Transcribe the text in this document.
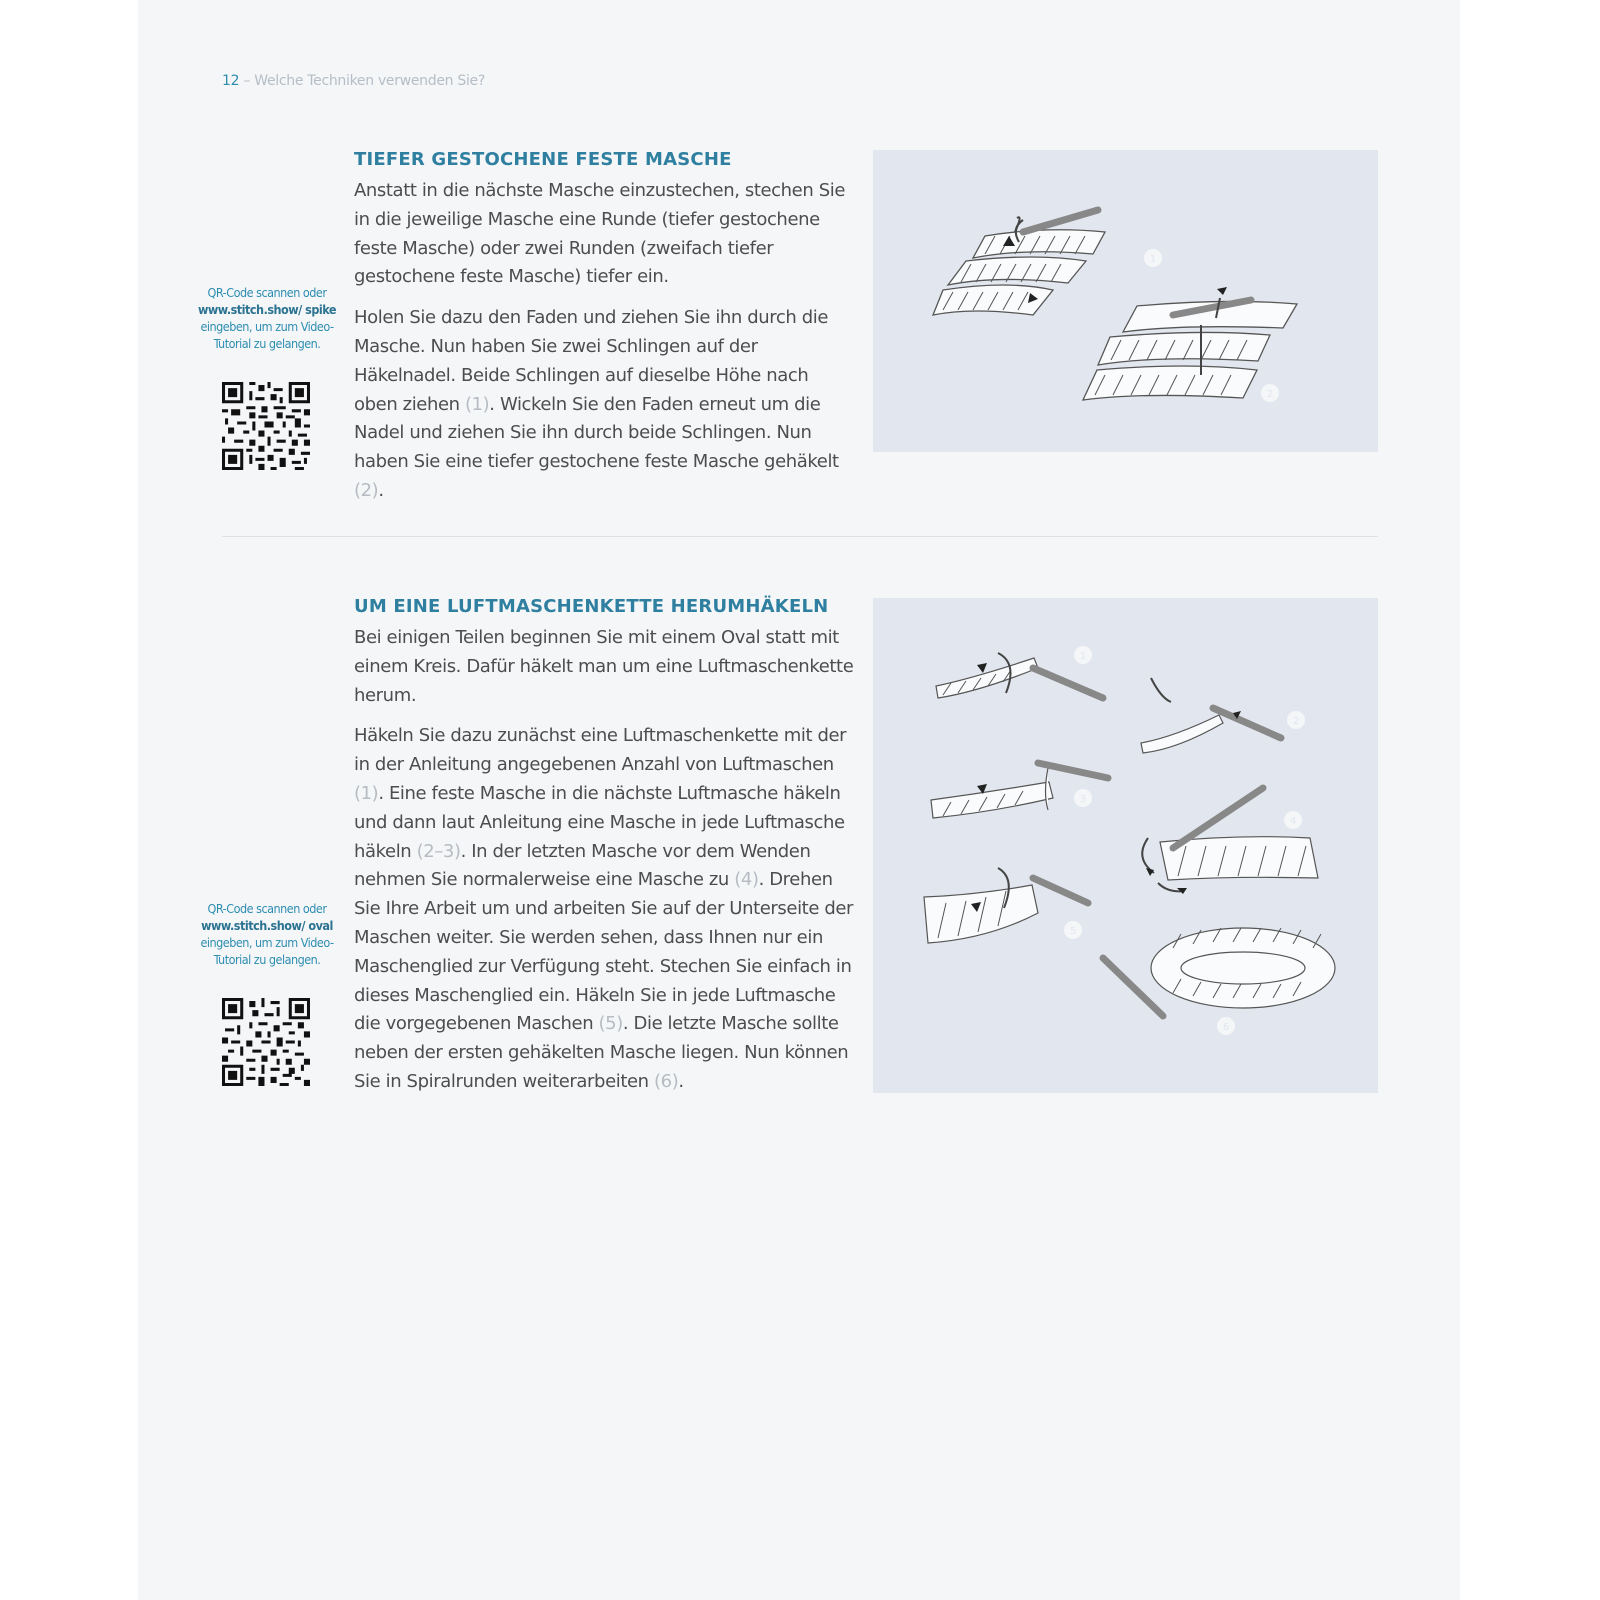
12 – Welche Techniken verwenden Sie?
TIEFER GESTOCHENE FESTE MASCHE

Anstatt in die nächste Masche einzustechen, stechen Sie in die jeweilige Masche eine Runde (tiefer gestochene feste Masche) oder zwei Runden (zweifach tiefer gestochene feste Masche) tiefer ein.

Holen Sie dazu den Faden und ziehen Sie ihn durch die Masche. Nun haben Sie zwei Schlingen auf der Häkelnadel. Beide Schlingen auf dieselbe Höhe nach oben ziehen (1). Wickeln Sie den Faden erneut um die Nadel und ziehen Sie ihn durch beide Schlingen. Nun haben Sie eine tiefer gestochene feste Masche gehäkelt (2).

QR-Code scannen oder www.stitch.show/ spike eingeben, um zum Video-Tutorial zu gelangen.
1
2
UM EINE LUFTMASCHENKETTE HERUMHÄKELN

Bei einigen Teilen beginnen Sie mit einem Oval statt mit einem Kreis. Dafür häkelt man um eine Luftmaschenkette herum.

Häkeln Sie dazu zunächst eine Luftmaschenkette mit der in der Anleitung angegebenen Anzahl von Luftmaschen (1). Eine feste Masche in die nächste Luftmasche häkeln und dann laut Anleitung eine Masche in jede Luftmasche häkeln (2–3). In der letzten Masche vor dem Wenden nehmen Sie normalerweise eine Masche zu (4). Drehen Sie Ihre Arbeit um und arbeiten Sie auf der Unterseite der Maschen weiter. Sie werden sehen, dass Ihnen nur ein Maschenglied zur Verfügung steht. Stechen Sie einfach in dieses Maschenglied ein. Häkeln Sie in jede Luftmasche die vorgegebenen Maschen (5). Die letzte Masche sollte neben der ersten gehäkelten Masche liegen. Nun können Sie in Spiralrunden weiterarbeiten (6).

QR-Code scannen oder www.stitch.show/ oval eingeben, um zum Video-Tutorial zu gelangen.
1
2
3
4
5
6
